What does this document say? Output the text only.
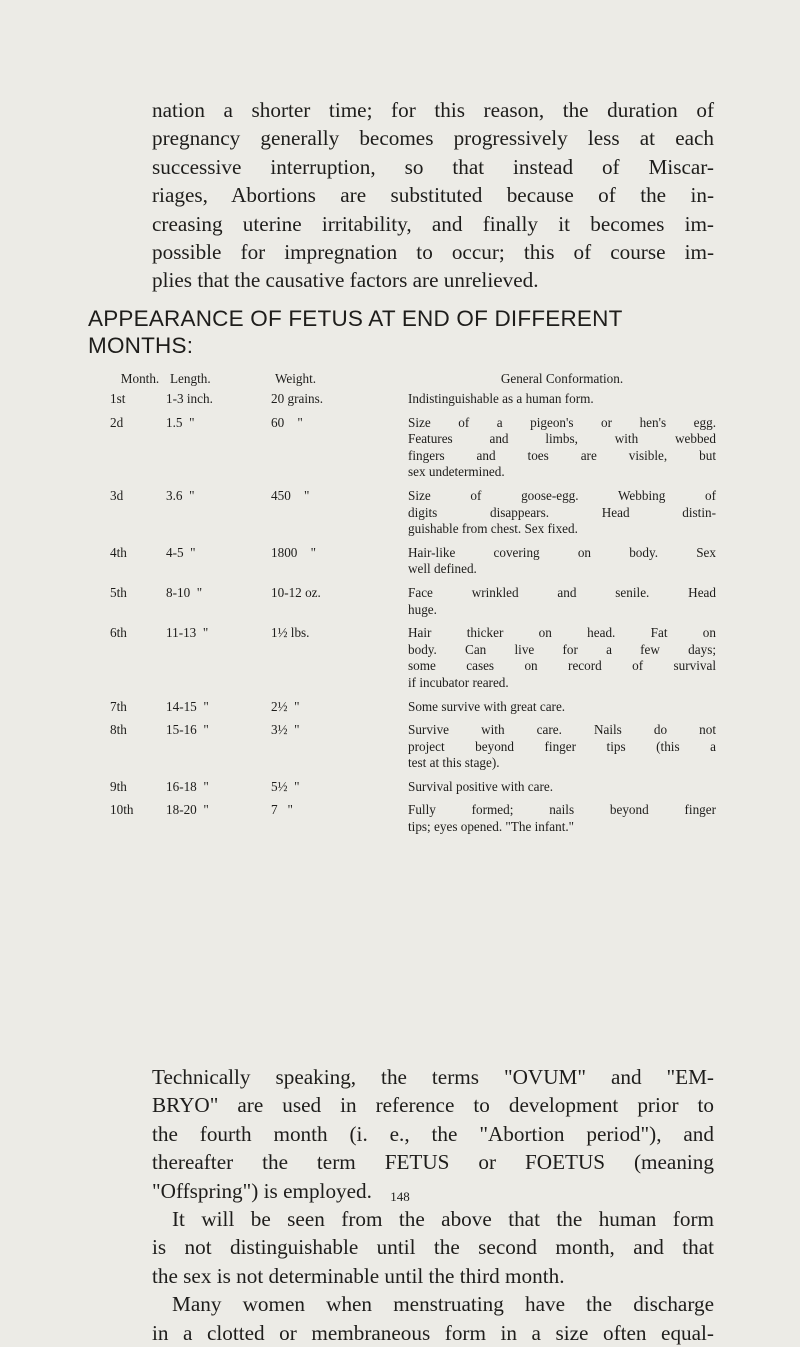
nation a shorter time; for this reason, the duration of
pregnancy generally becomes progressively less at each
successive interruption, so that instead of Miscar-
riages, Abortions are substituted because of the in-
creasing uterine irritability, and finally it becomes im-
possible for impregnation to occur; this of course im-
plies that the causative factors are unrelieved.
APPEARANCE OF FETUS AT END OF DIFFERENT
MONTHS:
Month. Length.	Weight.	General Conformation.
1st	1-3 inch.	20 grains.	Indistinguishable as a human form.
2d	1.5  "	60    "	Size of a pigeon's or hen's egg.
Features and limbs, with webbed
fingers and toes are visible, but
sex undetermined.
3d	3.6  "	450    "	Size of goose-egg. Webbing of
digits disappears. Head distin-
guishable from chest. Sex fixed.
4th	4-5  "	1800    "	Hair-like covering on body. Sex
well defined.
5th	8-10  "	10-12 oz.	Face wrinkled and senile. Head
huge.
6th	11-13  "	1½ lbs.	Hair thicker on head. Fat on
body. Can live for a few days;
some cases on record of survival
if incubator reared.
7th	14-15  "	2½  "	Some survive with great care.
8th	15-16  "	3½  "	Survive with care. Nails do not
project beyond finger tips (this a
test at this stage).
9th	16-18  "	5½  "	Survival positive with care.
10th	18-20  "	7   "	Fully formed; nails beyond finger
tips; eyes opened. "The infant."
Technically speaking, the terms "OVUM" and "EM-
BRYO" are used in reference to development prior to
the fourth month (i. e., the "Abortion period"), and
thereafter the term FETUS or FOETUS (meaning
"Offspring") is employed.
It will be seen from the above that the human form
is not distinguishable until the second month, and that
the sex is not determinable until the third month.
Many women when menstruating have the discharge
in a clotted or membraneous form in a size often equal-
148
